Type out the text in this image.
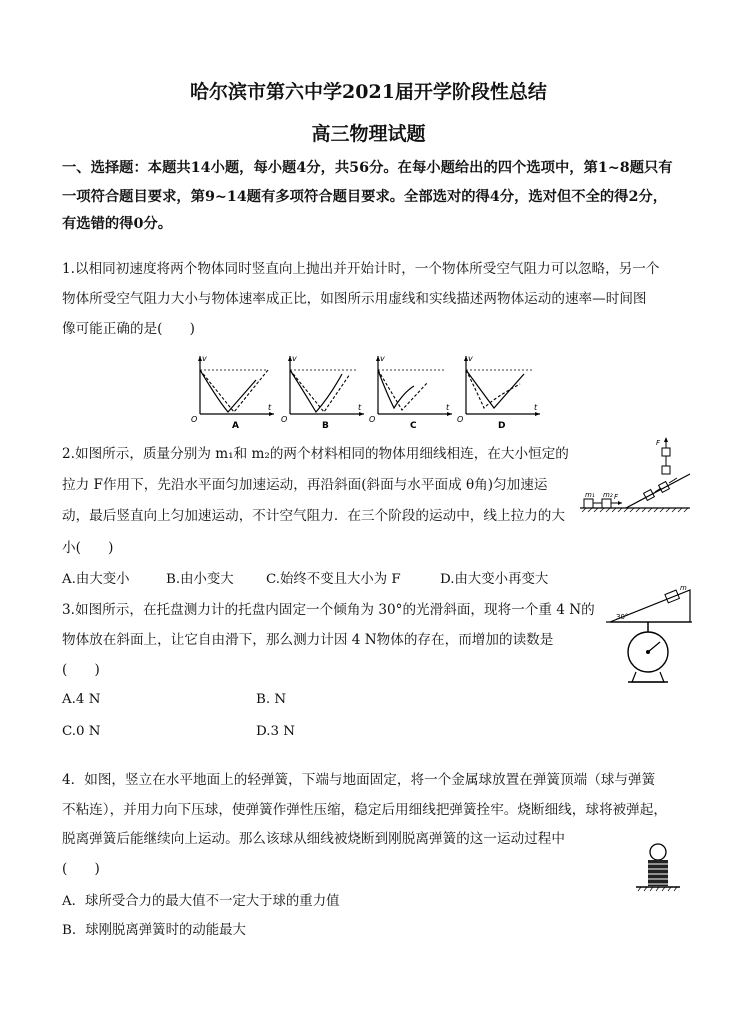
哈尔滨市第六中学2021届开学阶段性总结
高三物理试题
一、选择题：本题共14小题，每小题4分，共56分。在每小题给出的四个选项中，第1~8题只有
一项符合题目要求，第9~14题有多项符合题目要求。全部选对的得4分，选对但不全的得2分，
有选错的得0分。
1.以相同初速度将两个物体同时竖直向上抛出并开始计时，一个物体所受空气阻力可以忽略，另一个
物体所受空气阻力大小与物体速率成正比，如图所示用虚线和实线描述两物体运动的速率—时间图
像可能正确的是(　　)
v
t
O
A
v
t
O
B
v
t
O
C
v
t
O
D
2.如图所示，质量分别为 m₁和 m₂的两个材料相同的物体用细线相连，在大小恒定的
拉力 F作用下，先沿水平面匀加速运动，再沿斜面(斜面与水平面成 θ角)匀加速运
动，最后竖直向上匀加速运动，不计空气阻力．在三个阶段的运动中，线上拉力的大
小(　　)
m₁ m₂ F
F
A.由大变小	B.由小变大 C.始终不变且大小为 F	D.由大变小再变大
3.如图所示，在托盘测力计的托盘内固定一个倾角为 30°的光滑斜面，现将一个重 4 N的
物体放在斜面上，让它自由滑下，那么测力计因 4 N物体的存在，而增加的读数是
(　　)
m
30°
A.4 N	B. N
C.0 N	D.3 N
4．如图，竖立在水平地面上的轻弹簧，下端与地面固定，将一个金属球放置在弹簧顶端（球与弹簧
不粘连），并用力向下压球，使弹簧作弹性压缩，稳定后用细线把弹簧拴牢。烧断细线，球将被弹起，
脱离弹簧后能继续向上运动。那么该球从细线被烧断到刚脱离弹簧的这一运动过程中
(　　)
A．球所受合力的最大值不一定大于球的重力值
B．球刚脱离弹簧时的动能最大
